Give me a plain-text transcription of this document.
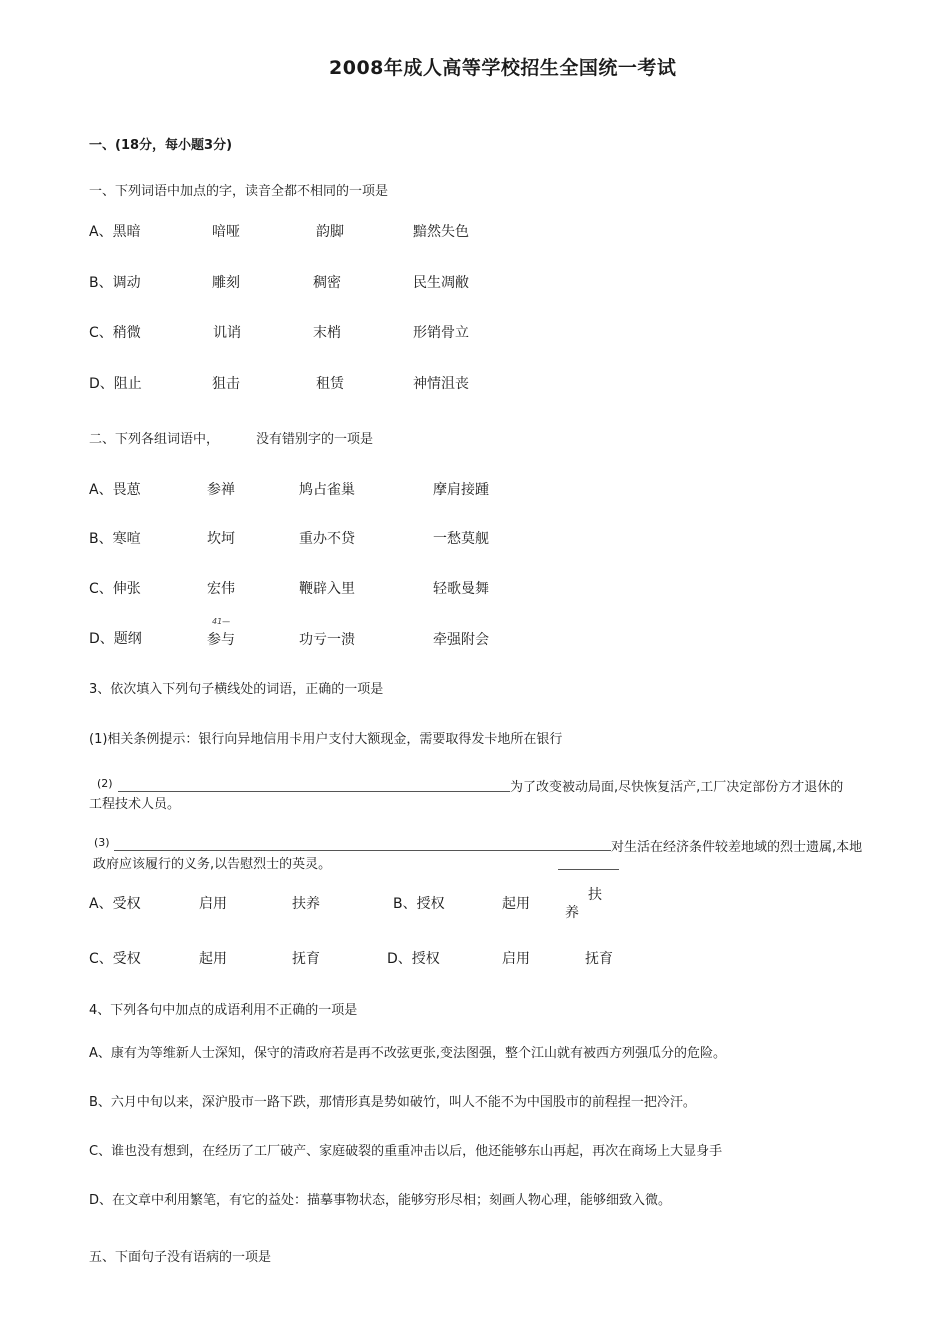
2008年成人高等学校招生全国统一考试
一、(18分，每小题3分)
一、下列词语中加点的字，读音全都不相同的一项是
A、黑暗	喑哑	韵脚	黯然失色
B、调动	雕刻	稠密	民生凋敝
C、稍微	讥诮	末梢	形销骨立
D、阻止	狙击	租赁	神情沮丧
二、下列各组词语中，	没有错别字的一项是
A、畏葸	参禅	鸠占雀巢	摩肩接踵
B、寒喧	坎坷	重办不贷	一愁莫舰
C、伸张	宏伟	鞭辟入里	轻歌曼舞
41—
D、题纲	参与	功亏一溃	牵强附会
3、依次填入下列句子横线处的词语，正确的一项是
(1)相关条例提示：银行向异地信用卡用户支付大额现金，需要取得发卡地所在银行
(2)	为了改变被动局面,尽快恢复活产,工厂决定部份方才退休的
工程技术人员。
(3)	对生活在经济条件较差地域的烈士遗属,本地
政府应该履行的义务,以告慰烈士的英灵。
A、受权	启用	扶养	B、授权	起用
扶
养
C、受权	起用	抚育	D、授权	启用	抚育
4、下列各句中加点的成语利用不正确的一项是
A、康有为等维新人士深知，保守的清政府若是再不改弦更张,变法图强，整个江山就有被西方列强瓜分的危险。
B、六月中旬以来，深沪股市一路下跌，那情形真是势如破竹，叫人不能不为中国股市的前程捏一把冷汗。
C、谁也没有想到，在经历了工厂破产、家庭破裂的重重冲击以后，他还能够东山再起，再次在商场上大显身手
D、在文章中利用繁笔，有它的益处：描摹事物状态，能够穷形尽相；刻画人物心理，能够细致入微。
五、下面句子没有语病的一项是
